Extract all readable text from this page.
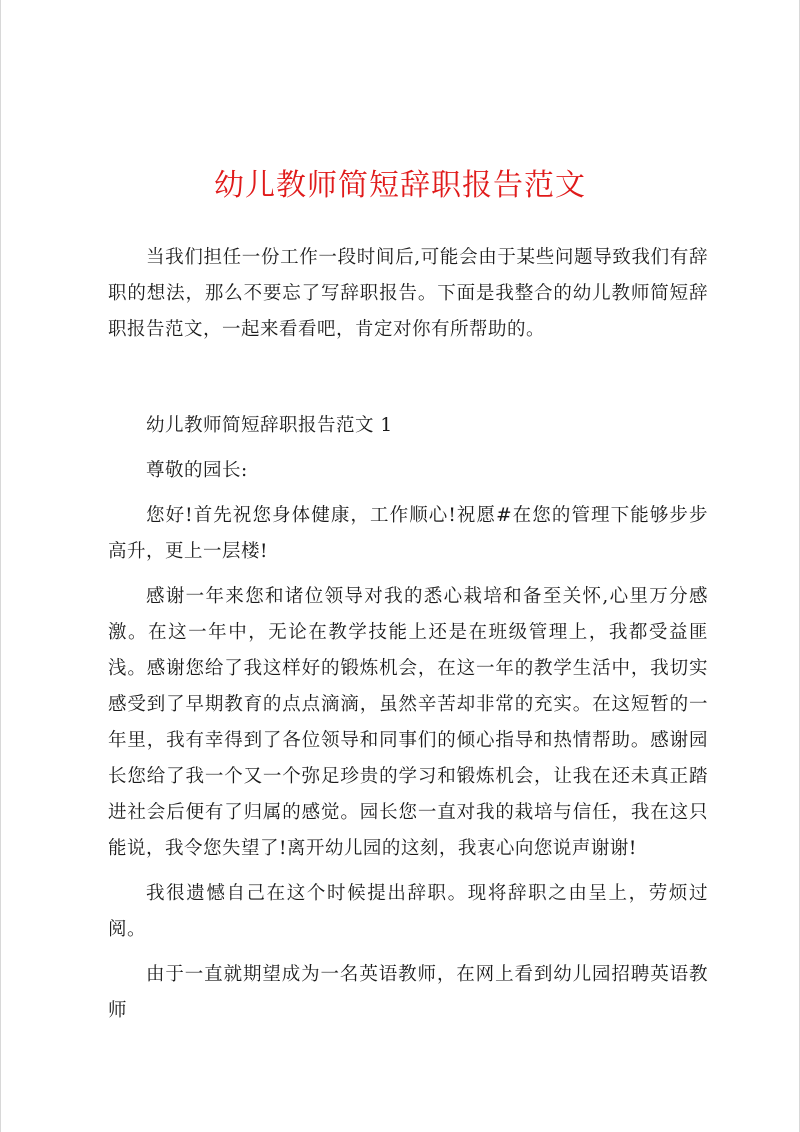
幼儿教师简短辞职报告范文

当我们担任一份工作一段时间后,可能会由于某些问题导致我们有辞职的想法，那么不要忘了写辞职报告。下面是我整合的幼儿教师简短辞职报告范文，一起来看看吧，肯定对你有所帮助的。

幼儿教师简短辞职报告范文 1

尊敬的园长:

您好!首先祝您身体健康，工作顺心!祝愿#在您的管理下能够步步高升，更上一层楼!

感谢一年来您和诸位领导对我的悉心栽培和备至关怀,心里万分感激。在这一年中，无论在教学技能上还是在班级管理上，我都受益匪浅。感谢您给了我这样好的锻炼机会，在这一年的教学生活中，我切实感受到了早期教育的点点滴滴，虽然辛苦却非常的充实。在这短暂的一年里，我有幸得到了各位领导和同事们的倾心指导和热情帮助。感谢园长您给了我一个又一个弥足珍贵的学习和锻炼机会，让我在还未真正踏进社会后便有了归属的感觉。园长您一直对我的栽培与信任，我在这只能说，我令您失望了!离开幼儿园的这刻，我衷心向您说声谢谢!

我很遗憾自己在这个时候提出辞职。现将辞职之由呈上，劳烦过阅。

由于一直就期望成为一名英语教师，在网上看到幼儿园招聘英语教师
